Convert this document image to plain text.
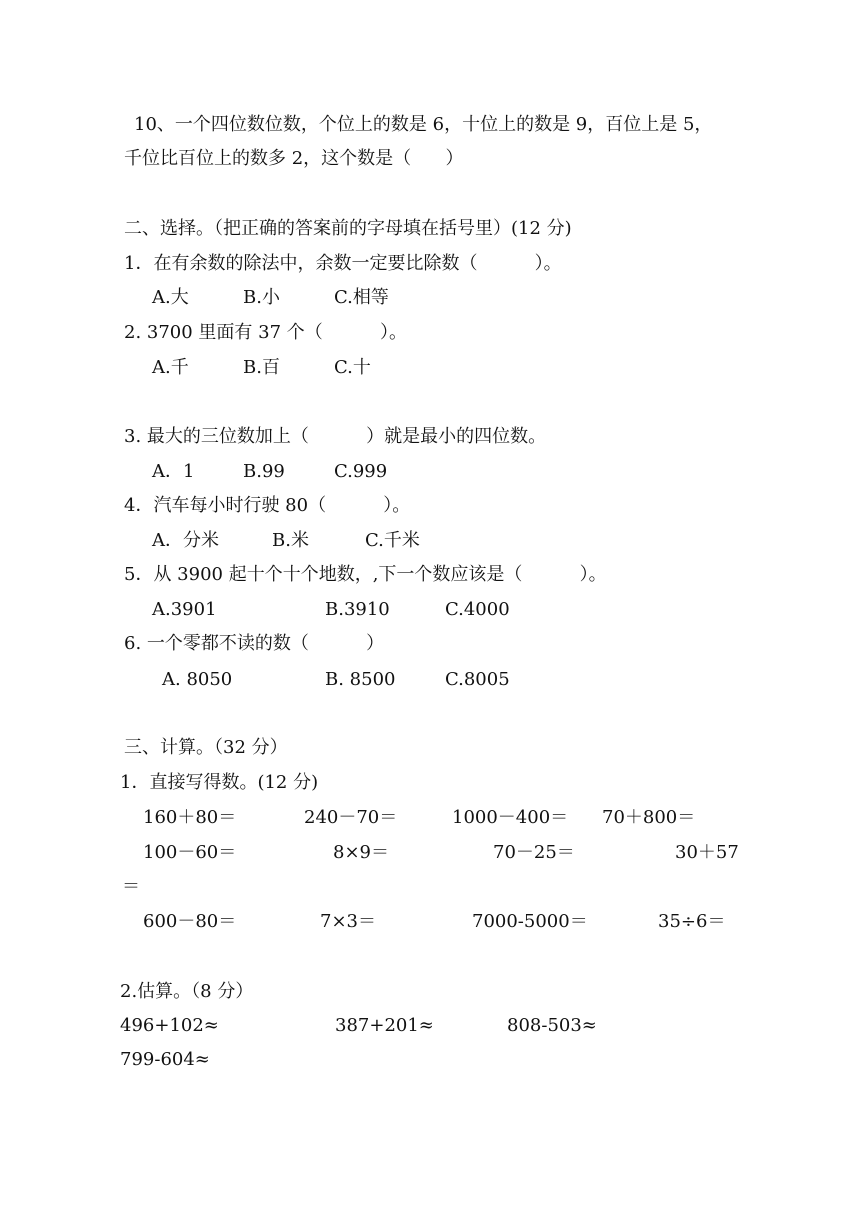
10、一个四位数位数，个位上的数是 6，十位上的数是 9，百位上是 5，
千位比百位上的数多 2，这个数是（      ）
二、选择。（把正确的答案前的字母填在括号里）(12 分)
1．在有余数的除法中，余数一定要比除数（          ）。
A.大	B.小	C.相等
2. 3700 里面有 37 个（          ）。
A.千	B.百	C.十
3. 最大的三位数加上（          ）就是最小的四位数。
A．1	B.99	C.999
4．汽车每小时行驶 80（          ）。
A．分米	B.米	C.千米
5．从 3900 起十个十个地数，,下一个数应该是（          ）。
A.3901	B.3910	C.4000
6. 一个零都不读的数（          ）
A. 8050	B. 8500	C.8005
三、计算。（32 分）
1．直接写得数。(12 分)
160＋80＝	240－70＝	1000－400＝ 70＋800＝
100－60＝	8×9＝	70－25＝	30＋57
＝
600－80＝	7×3＝	7000-5000＝	35÷6＝
2.估算。（8 分）
496+102≈	387+201≈	808-503≈
799-604≈
